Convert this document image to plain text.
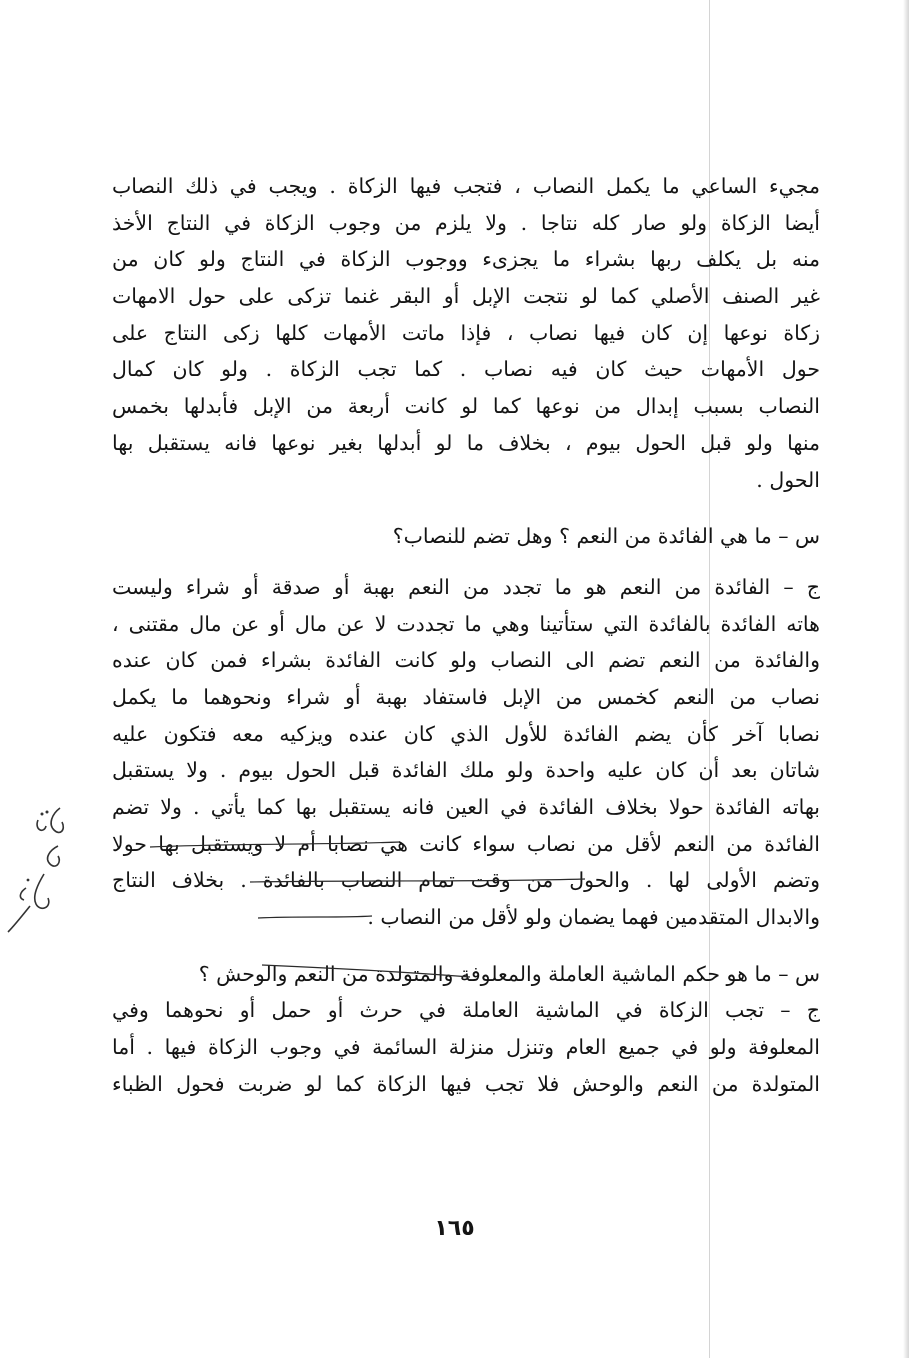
مجيء الساعي ما يكمل النصاب ، فتجب فيها الزكاة . ويجب في ذلك النصاب
أيضا الزكاة ولو صار كله نتاجا . ولا يلزم من وجوب الزكاة في النتاج الأخذ
منه بل يكلف ربها بشراء ما يجزىء ووجوب الزكاة في النتاج ولو كان من
غير الصنف الأصلي كما لو نتجت الإبل أو البقر غنما تزكى على حول الامهات
زكاة نوعها إن كان فيها نصاب ، فإذا ماتت الأمهات كلها زكى النتاج على
حول الأمهات حيث كان فيه نصاب . كما تجب الزكاة . ولو كان كمال
النصاب بسبب إبدال من نوعها كما لو كانت أربعة من الإبل فأبدلها بخمس
منها ولو قبل الحول بيوم ، بخلاف ما لو أبدلها بغير نوعها فانه يستقبل بها
الحول .
س – ما هي الفائدة من النعم ؟ وهل تضم للنصاب؟
ج – الفائدة من النعم هو ما تجدد من النعم بهبة أو صدقة أو شراء وليست
هاته الفائدة بالفائدة التي ستأتينا وهي ما تجددت لا عن مال أو عن مال مقتنى ،
والفائدة من النعم تضم الى النصاب ولو كانت الفائدة بشراء فمن كان عنده
نصاب من النعم كخمس من الإبل فاستفاد بهبة أو شراء ونحوهما ما يكمل
نصابا آخر كأن يضم الفائدة للأول الذي كان عنده ويزكيه معه فتكون عليه
شاتان بعد أن كان عليه واحدة ولو ملك الفائدة قبل الحول بيوم . ولا يستقبل
بهاته الفائدة حولا بخلاف الفائدة في العين فانه يستقبل بها كما يأتي . ولا تضم
الفائدة من النعم لأقل من نصاب سواء كانت هي نصابا أم لا ويستقبل بها حولا
وتضم الأولى لها . والحول من وقت تمام النصاب بالفائدة . بخلاف النتاج
والابدال المتقدمين فهما يضمان ولو لأقل من النصاب .
س – ما هو حكم الماشية العاملة والمعلوفة والمتولدة من النعم والوحش ؟
ج – تجب الزكاة في الماشية العاملة في حرث أو حمل أو نحوهما وفي
المعلوفة ولو في جميع العام وتنزل منزلة السائمة في وجوب الزكاة فيها . أما
المتولدة من النعم والوحش فلا تجب فيها الزكاة كما لو ضربت فحول الظباء
١٦٥
